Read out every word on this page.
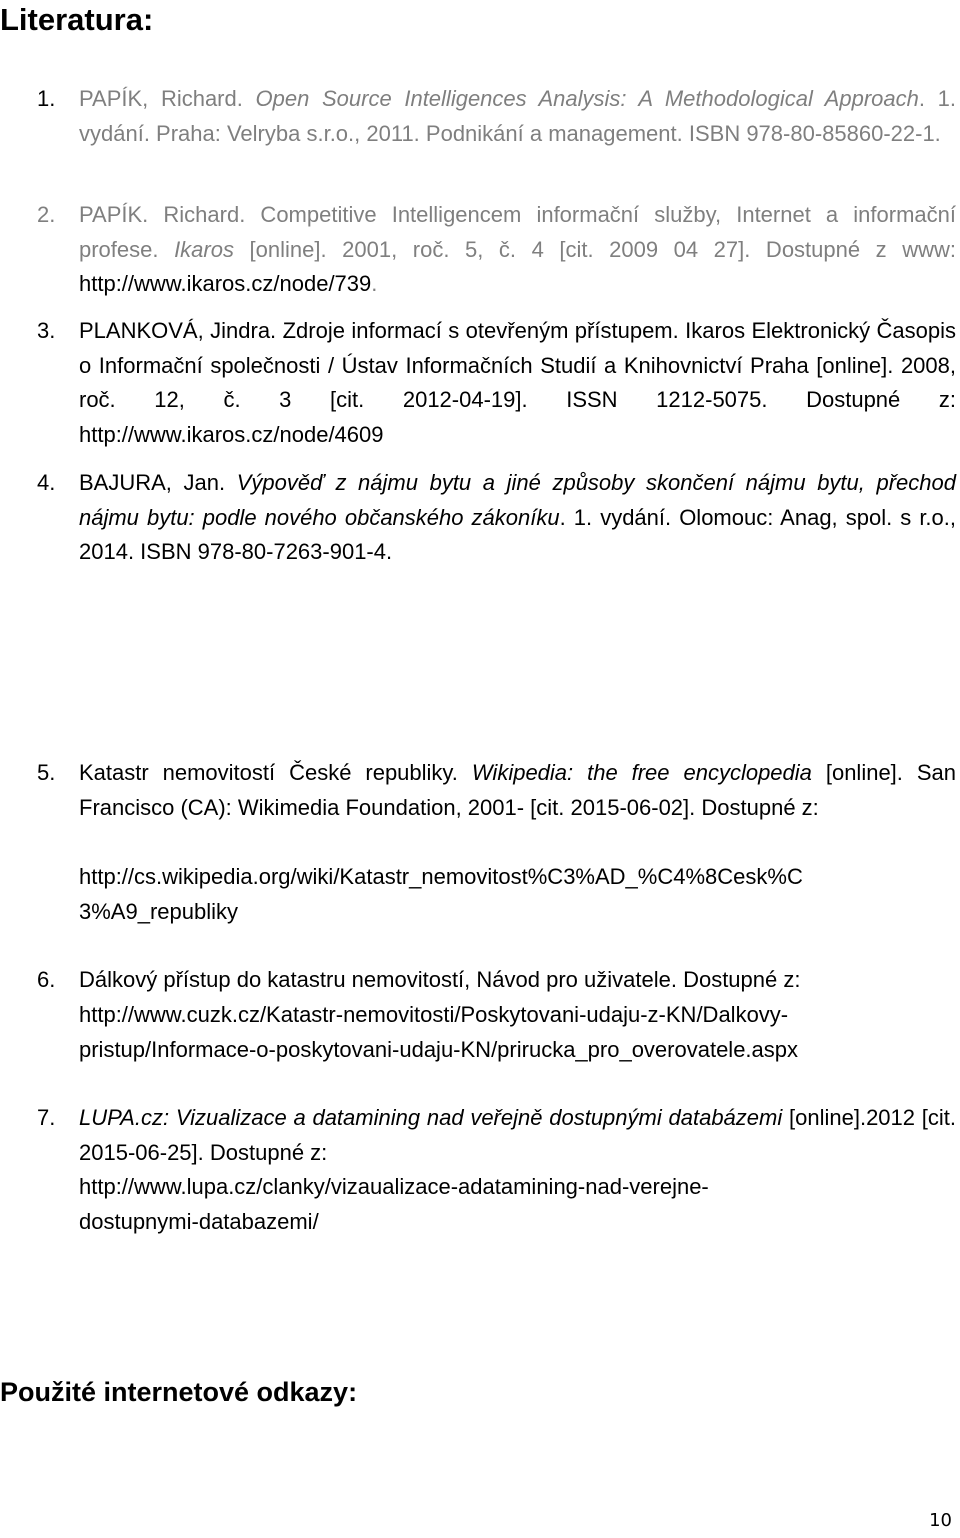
Literatura:
1.	PAPÍK, Richard. Open Source Intelligences Analysis: A Methodological Approach. 1. vydání. Praha: Velryba s.r.o., 2011. Podnikání a management. ISBN 978-80-85860-22-1.
2.	PAPÍK. Richard. Competitive Intelligencem informační služby, Internet a informační profese. Ikaros [online]. 2001, roč. 5, č. 4 [cit. 2009 04 27]. Dostupné z www: http://www.ikaros.cz/node/739.
3.	PLANKOVÁ, Jindra. Zdroje informací s otevřeným přístupem. Ikaros Elektronický Časopis o Informační společnosti / Ústav Informačních Studií a Knihovnictví Praha [online]. 2008, roč. 12, č. 3 [cit. 2012-04-19]. ISSN 1212-5075. Dostupné z: http://www.ikaros.cz/node/4609
4.	BAJURA, Jan. Výpověď z nájmu bytu a jiné způsoby skončení nájmu bytu, přechod nájmu bytu: podle nového občanského zákoníku. 1. vydání. Olomouc: Anag, spol. s r.o., 2014. ISBN 978-80-7263-901-4.
Použité internetové odkazy:
5.	Katastr nemovitostí České republiky. Wikipedia: the free encyclopedia [online]. San Francisco (CA): Wikimedia Foundation, 2001- [cit. 2015-06-02]. Dostupné z:
http://cs.wikipedia.org/wiki/Katastr_nemovitost%C3%AD_%C4%8Cesk%C
3%A9_republiky
6.	Dálkový přístup do katastru nemovitostí, Návod pro uživatele. Dostupné z:
http://www.cuzk.cz/Katastr-nemovitosti/Poskytovani-udaju-z-KN/Dalkovy-
pristup/Informace-o-poskytovani-udaju-KN/prirucka_pro_overovatele.aspx
7.	LUPA.cz: Vizualizace a datamining nad veřejně dostupnými databázemi [online].2012 [cit. 2015-06-25]. Dostupné z:
http://www.lupa.cz/clanky/vizaualizace-adatamining-nad-verejne-
dostupnymi-databazemi/
10
